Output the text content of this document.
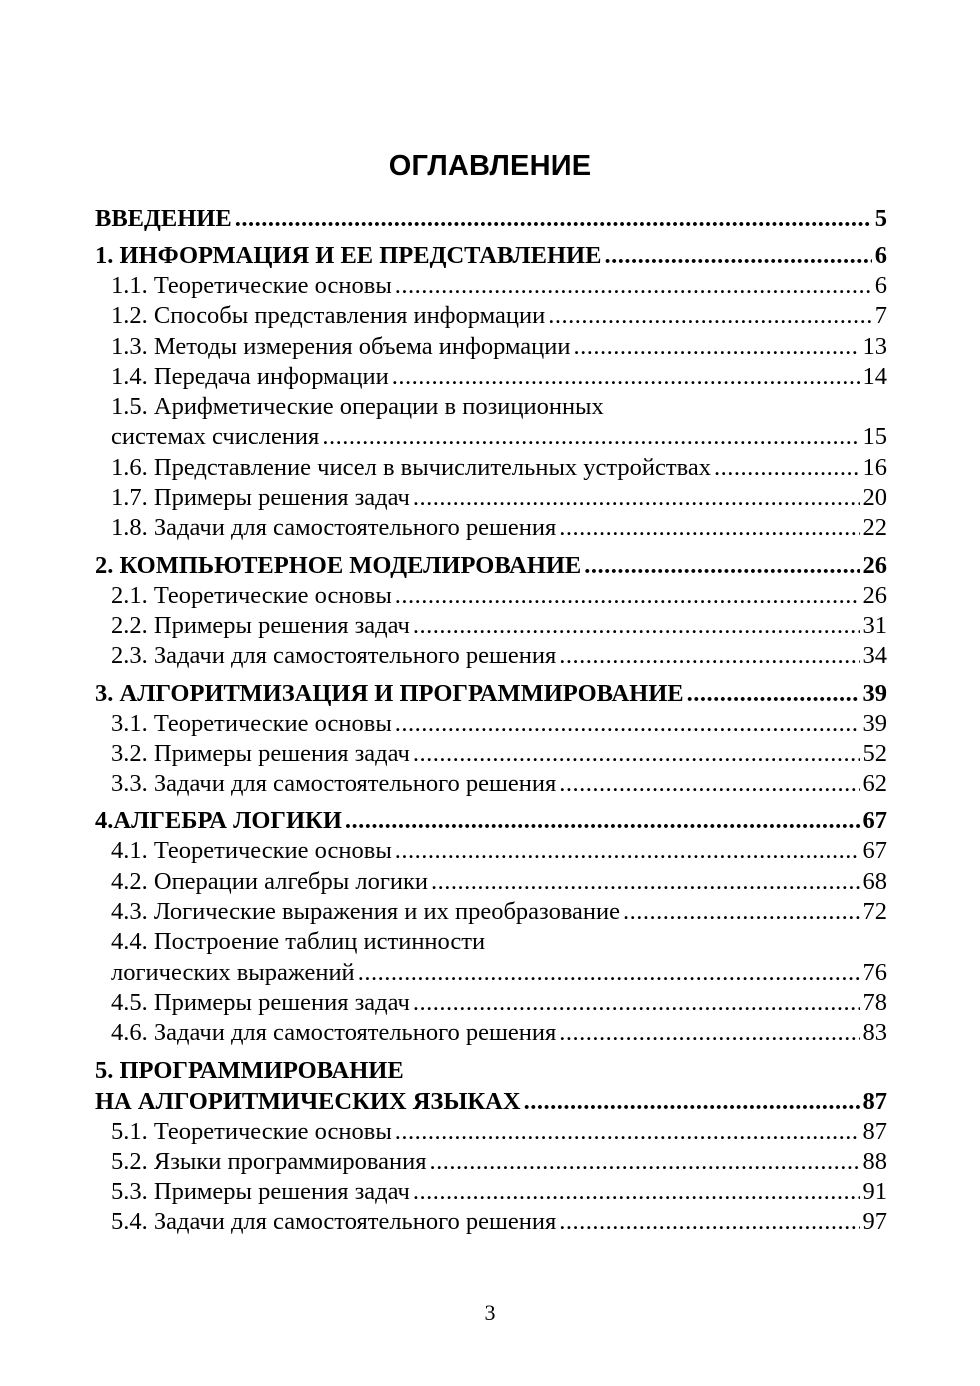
ОГЛАВЛЕНИЕ
ВВЕДЕНИЕ .....	5
1. ИНФОРМАЦИЯ И ЕЕ ПРЕДСТАВЛЕНИЕ .....	6
1.1. Теоретические основы .....	6
1.2. Способы представления информации .....	7
1.3. Методы измерения объема информации .....	13
1.4. Передача информации .....	14
1.5. Арифметические операции в позиционных
системах счисления .....	15
1.6. Представление чисел в вычислительных устройствах .....	16
1.7. Примеры решения задач .....	20
1.8. Задачи для самостоятельного решения .....	22
2. КОМПЬЮТЕРНОЕ МОДЕЛИРОВАНИЕ .....	26
2.1. Теоретические основы .....	26
2.2. Примеры решения задач .....	31
2.3. Задачи для самостоятельного решения .....	34
3. АЛГОРИТМИЗАЦИЯ И ПРОГРАММИРОВАНИЕ .....	39
3.1. Теоретические основы .....	39
3.2. Примеры решения задач .....	52
3.3. Задачи для самостоятельного решения .....	62
4.АЛГЕБРА ЛОГИКИ .....	67
4.1. Теоретические основы .....	67
4.2. Операции алгебры логики .....	68
4.3. Логические выражения и их преобразование .....	72
4.4. Построение таблиц истинности
логических выражений .....	76
4.5. Примеры решения задач .....	78
4.6. Задачи для самостоятельного решения .....	83
5. ПРОГРАММИРОВАНИЕ
НА АЛГОРИТМИЧЕСКИХ ЯЗЫКАХ .....	87
5.1. Теоретические основы .....	87
5.2. Языки программирования .....	88
5.3. Примеры решения задач .....	91
5.4. Задачи для самостоятельного решения .....	97
3
